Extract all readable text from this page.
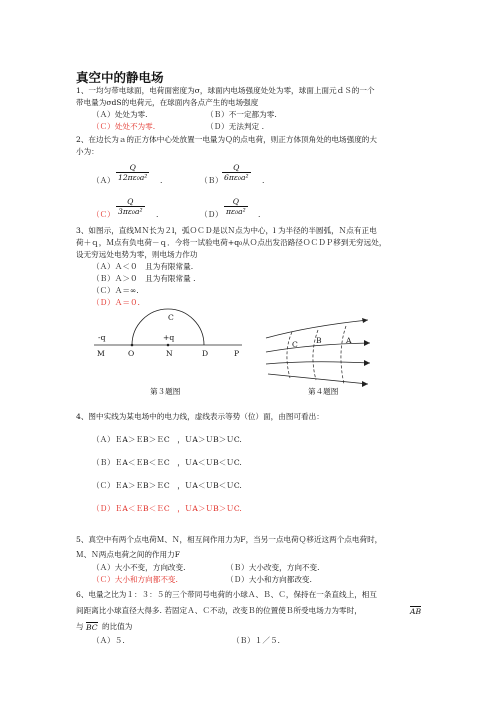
真空中的静电场
1、一均匀带电球面，电荷面密度为σ，球面内电场强度处处为零，球面上面元ｄＳ的一个
带电量为σdS的电荷元，在球面内各点产生的电场强度
（Ａ）处处为零.	（Ｂ）不一定都为零.
（Ｃ）处处不为零.	（Ｄ）无法判定 .
2、在边长为ａ的正方体中心处放置一电量为Ｑ的点电荷，则正方体顶角处的电场强度的大
小为：
（Ａ） $\frac{Q}{\text{12πε₀a²}}$ .	（Ｂ） $\frac{Q}{\text{6πε₀a²}}$ .
（Ｃ） $\frac{Q}{\text{3πε₀a²}}$ .	（Ｄ） $\frac{Q}{\text{πε₀a²}}$ .
3、如图示，直线ＭＮ长为２l，弧ＯＣＤ是以Ｎ点为中心，l 为半径的半圆弧，Ｎ点有正电
荷＋ｑ，Ｍ点有负电荷－ｑ．今将一试验电荷+q₀从Ｏ点出发沿路径ＯＣＤＰ移到无穷远处，
设无穷远处电势为零，则电场力作功
（Ａ）Ａ＜０　且为有限常量.
（Ｂ）Ａ＞０　且为有限常量 .
（Ｃ）Ａ＝∞.
（Ｄ）Ａ＝０.
C
-q	+q
M	O	N	D	P
第３题图
C B	A
第４题图
4、图中实线为某电场中的电力线，虚线表示等势（位）面，由图可看出：
（Ａ）ＥA＞ＥB＞ＥC　，ＵA＞ＵB＞ＵC.
（Ｂ）ＥA＜ＥB＜ＥC　，ＵA＜ＵB＜ＵC.
（Ｃ）ＥA＞ＥB＞ＥC　，ＵA＜ＵB＜ＵC.
（Ｄ）ＥA＜ＥB＜ＥC　，ＵA＞ＵB＞ＵC.
5、真空中有两个点电荷Ｍ、Ｎ，相互间作用力为F，当另一点电荷Ｑ移近这两个点电荷时，
Ｍ、Ｎ两点电荷之间的作用力F
（Ａ）大小不变，方向改变.	（Ｂ）大小改变，方向不变.
（Ｃ）大小和方向都不变.	（Ｄ）大小和方向都改变.
6、电量之比为１：３：５的三个带同号电荷的小球Ａ、Ｂ、Ｃ，保持在一条直线上，相互
间距离比小球直径大得多. 若固定Ａ、Ｃ不动，改变Ｂ的位置使Ｂ所受电场力为零时，	AB
与 BC 的比值为
（Ａ）５.	（Ｂ）１／５.
